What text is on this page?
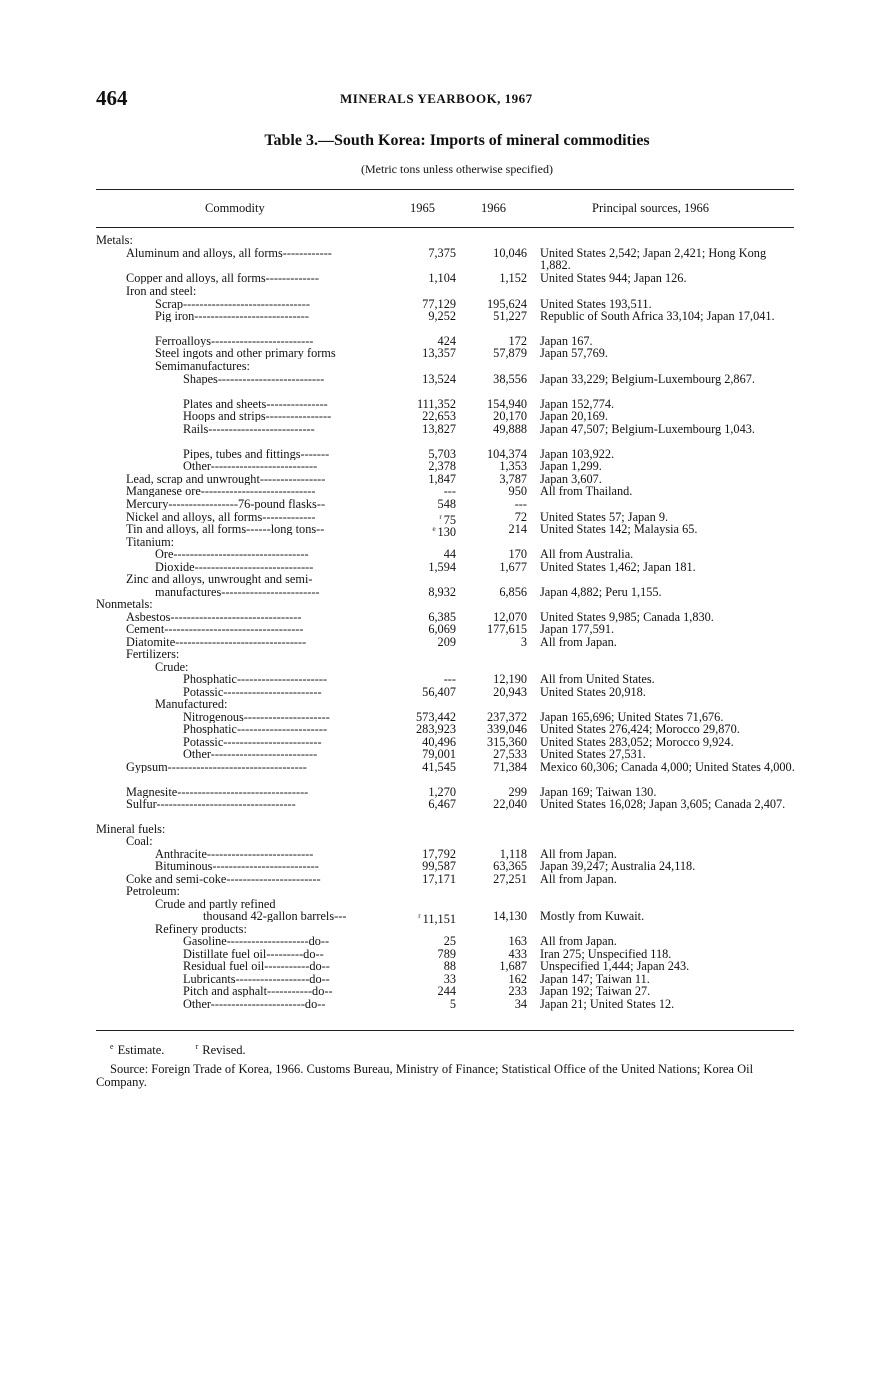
464	MINERALS YEARBOOK, 1967
Table 3.—South Korea: Imports of mineral commodities
(Metric tons unless otherwise specified)
Commodity	1965	1966	Principal sources, 1966
Metals:
Aluminum and alloys, all forms------------	7,375	10,046 United States 2,542; Japan 2,421; Hong Kong 1,882.
Copper and alloys, all forms-------------	1,104	1,152 United States 944; Japan 126.
Iron and steel:
Scrap-------------------------------	77,129	195,624 United States 193,511.
Pig iron----------------------------	9,252	51,227 Republic of South Africa 33,104; Japan 17,041.
Ferroalloys-------------------------	424	172 Japan 167.
Steel ingots and other primary forms	13,357	57,879 Japan 57,769.
Semimanufactures:
Shapes--------------------------	13,524	38,556 Japan 33,229; Belgium-Luxembourg 2,867.
Plates and sheets---------------	111,352	154,940 Japan 152,774.
Hoops and strips----------------	22,653	20,170 Japan 20,169.
Rails--------------------------	13,827	49,888 Japan 47,507; Belgium-Luxembourg 1,043.
Pipes, tubes and fittings-------	5,703	104,374 Japan 103,922.
Other--------------------------	2,378	1,353 Japan 1,299.
Lead, scrap and unwrought----------------	1,847	3,787 Japan 3,607.
Manganese ore----------------------------	---	950 All from Thailand.
Mercury-----------------76-pound flasks--	548	---
Nickel and alloys, all forms-------------	$^r$ 75	72 United States 57; Japan 9.
Tin and alloys, all forms------long tons--	$^e$ 130	214 United States 142; Malaysia 65.
Titanium:
Ore---------------------------------	44	170 All from Australia.
Dioxide-----------------------------	1,594	1,677 United States 1,462; Japan 181.
Zinc and alloys, unwrought and semi-
manufactures------------------------	8,932	6,856 Japan 4,882; Peru 1,155.
Nonmetals:
Asbestos--------------------------------	6,385	12,070 United States 9,985; Canada 1,830.
Cement----------------------------------	6,069	177,615 Japan 177,591.
Diatomite--------------------------------	209	3 All from Japan.
Fertilizers:
Crude:
Phosphatic----------------------	---	12,190 All from United States.
Potassic------------------------	56,407	20,943 United States 20,918.
Manufactured:
Nitrogenous---------------------	573,442	237,372 Japan 165,696; United States 71,676.
Phosphatic----------------------	283,923	339,046 United States 276,424; Morocco 29,870.
Potassic------------------------	40,496	315,360 United States 283,052; Morocco 9,924.
Other--------------------------	79,001	27,533 United States 27,531.
Gypsum----------------------------------	41,545	71,384 Mexico 60,306; Canada 4,000; United States 4,000.
Magnesite--------------------------------	1,270	299 Japan 169; Taiwan 130.
Sulfur----------------------------------	6,467	22,040 United States 16,028; Japan 3,605; Canada 2,407.
Mineral fuels:
Coal:
Anthracite--------------------------	17,792	1,118 All from Japan.
Bituminous--------------------------	99,587	63,365 Japan 39,247; Australia 24,118.
Coke and semi-coke-----------------------	17,171	27,251 All from Japan.
Petroleum:
Crude and partly refined
thousand 42-gallon barrels---	$^r$ 11,151	14,130 Mostly from Kuwait.
Refinery products:
Gasoline--------------------do--	25	163 All from Japan.
Distillate fuel oil---------do--	789	433 Iran 275; Unspecified 118.
Residual fuel oil-----------do--	88	1,687 Unspecified 1,444; Japan 243.
Lubricants------------------do--	33	162 Japan 147; Taiwan 11.
Pitch and asphalt-----------do--	244	233 Japan 192; Taiwan 27.
Other-----------------------do--	5	34 Japan 21; United States 12.
$^e$ Estimate.	$^r$ Revised.
Source: Foreign Trade of Korea, 1966. Customs Bureau, Ministry of Finance; Statistical Office of the United Nations; Korea Oil Company.
